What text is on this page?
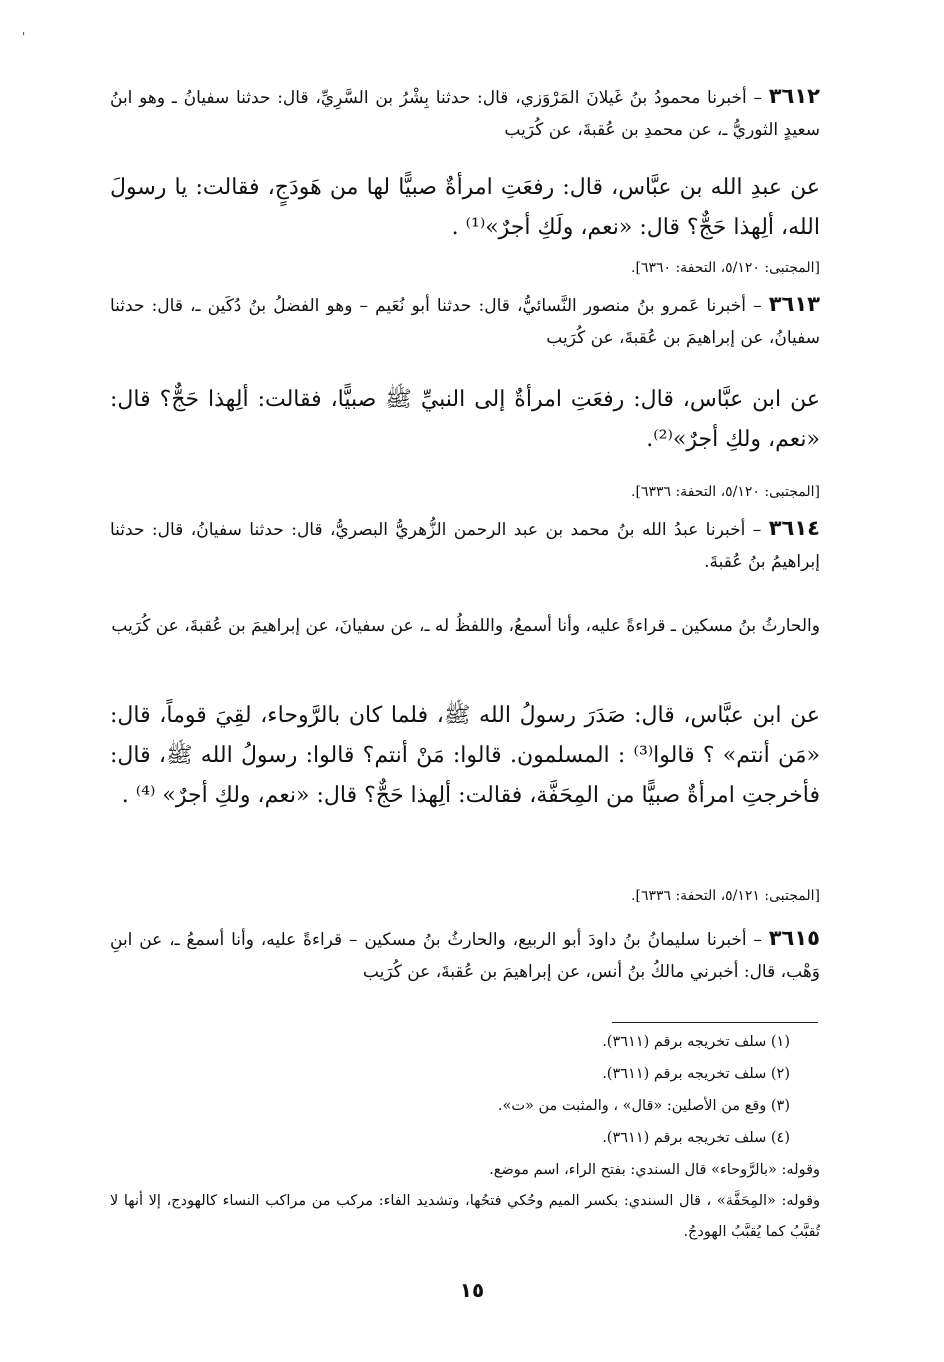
'
٣٦١٢ – أخبرنا محمودُ بنُ غَيلانَ المَرْوَزي، قال: حدثنا بِشْرُ بن السَّرِيِّ، قال: حدثنا سفيانُ ـ وهو ابنُ سعيدٍ الثوريُّ ـ، عن محمدِ بن عُقبةَ، عن كُرَيب
عن عبدِ الله بن عبَّاس، قال: رفعَتِ امرأةٌ صبيًّا لها من هَودَجٍ، فقالت: يا رسولَ الله، ألِهذا حَجٌّ؟ قال: «نعم، ولَكِ أجرٌ»⁽¹⁾ .
[المجتبى: ٥/١٢٠، التحفة: ٦٣٦٠].
٣٦١٣ – أخبرنا عَمرو بنُ منصور النَّسائيُّ، قال: حدثنا أبو نُعَيم – وهو الفضلُ بنُ دُكَين ـ، قال: حدثنا سفيانُ، عن إبراهيمَ بن عُقبةَ، عن كُرَيب
عن ابن عبَّاس، قال: رفعَتِ امرأةٌ إلى النبيِّ ﷺ صبيًّا، فقالت: ألِهذا حَجٌّ؟ قال: «نعم، ولكِ أجرٌ»⁽²⁾.
[المجتبى: ٥/١٢٠، التحفة: ٦٣٣٦].
٣٦١٤ – أخبرنا عبدُ الله بنُ محمد بن عبد الرحمن الزُّهريُّ البصريُّ، قال: حدثنا سفيانُ، قال: حدثنا إبراهيمُ بنُ عُقبةَ.
والحارثُ بنُ مسكين ـ قراءةً عليه، وأنا أسمعُ، واللفظُ له ـ، عن سفيانَ، عن إبراهيمَ بن عُقبةَ، عن كُرَيب
عن ابن عبَّاس، قال: صَدَرَ رسولُ الله ﷺ، فلما كان بالرَّوحاء، لقِيَ قوماً، قال: «مَن أنتم» ؟ قالوا⁽³⁾ : المسلمون. قالوا: مَنْ أنتم؟ قالوا: رسولُ الله ﷺ، قال: فأخرجتِ امرأةٌ صبيًّا من المِحَفَّة، فقالت: ألِهذا حَجٌّ؟ قال: «نعم، ولكِ أجرٌ» ⁽⁴⁾ .
[المجتبى: ٥/١٢١، التحفة: ٦٣٣٦].
٣٦١٥ – أخبرنا سليمانُ بنُ داودَ أبو الربيع، والحارثُ بنُ مسكين – قراءةً عليه، وأنا أسمعُ ـ، عن ابنِ وَهْب، قال: أخبرني مالكُ بنُ أنس، عن إبراهيمَ بن عُقبةَ، عن كُرَيب
(١) سلف تخريجه برقم (٣٦١١).
(٢) سلف تخريجه برقم (٣٦١١).
(٣) وقع من الأصلين: «قال» ، والمثبت من «ت».
(٤) سلف تخريجه برقم (٣٦١١).
وقوله: «بالرَّوحاء» قال السندي: بفتح الراء، اسم موضع.
وقوله: «المِحَفَّة» ، قال السندي: بكسر الميم وحُكي فتحُها، وتشديد الفاء: مركب من مراكب النساء كالهودج، إلا أنها لا تُقبَّبُ كما يُقبَّبُ الهودجُ.
١٥
